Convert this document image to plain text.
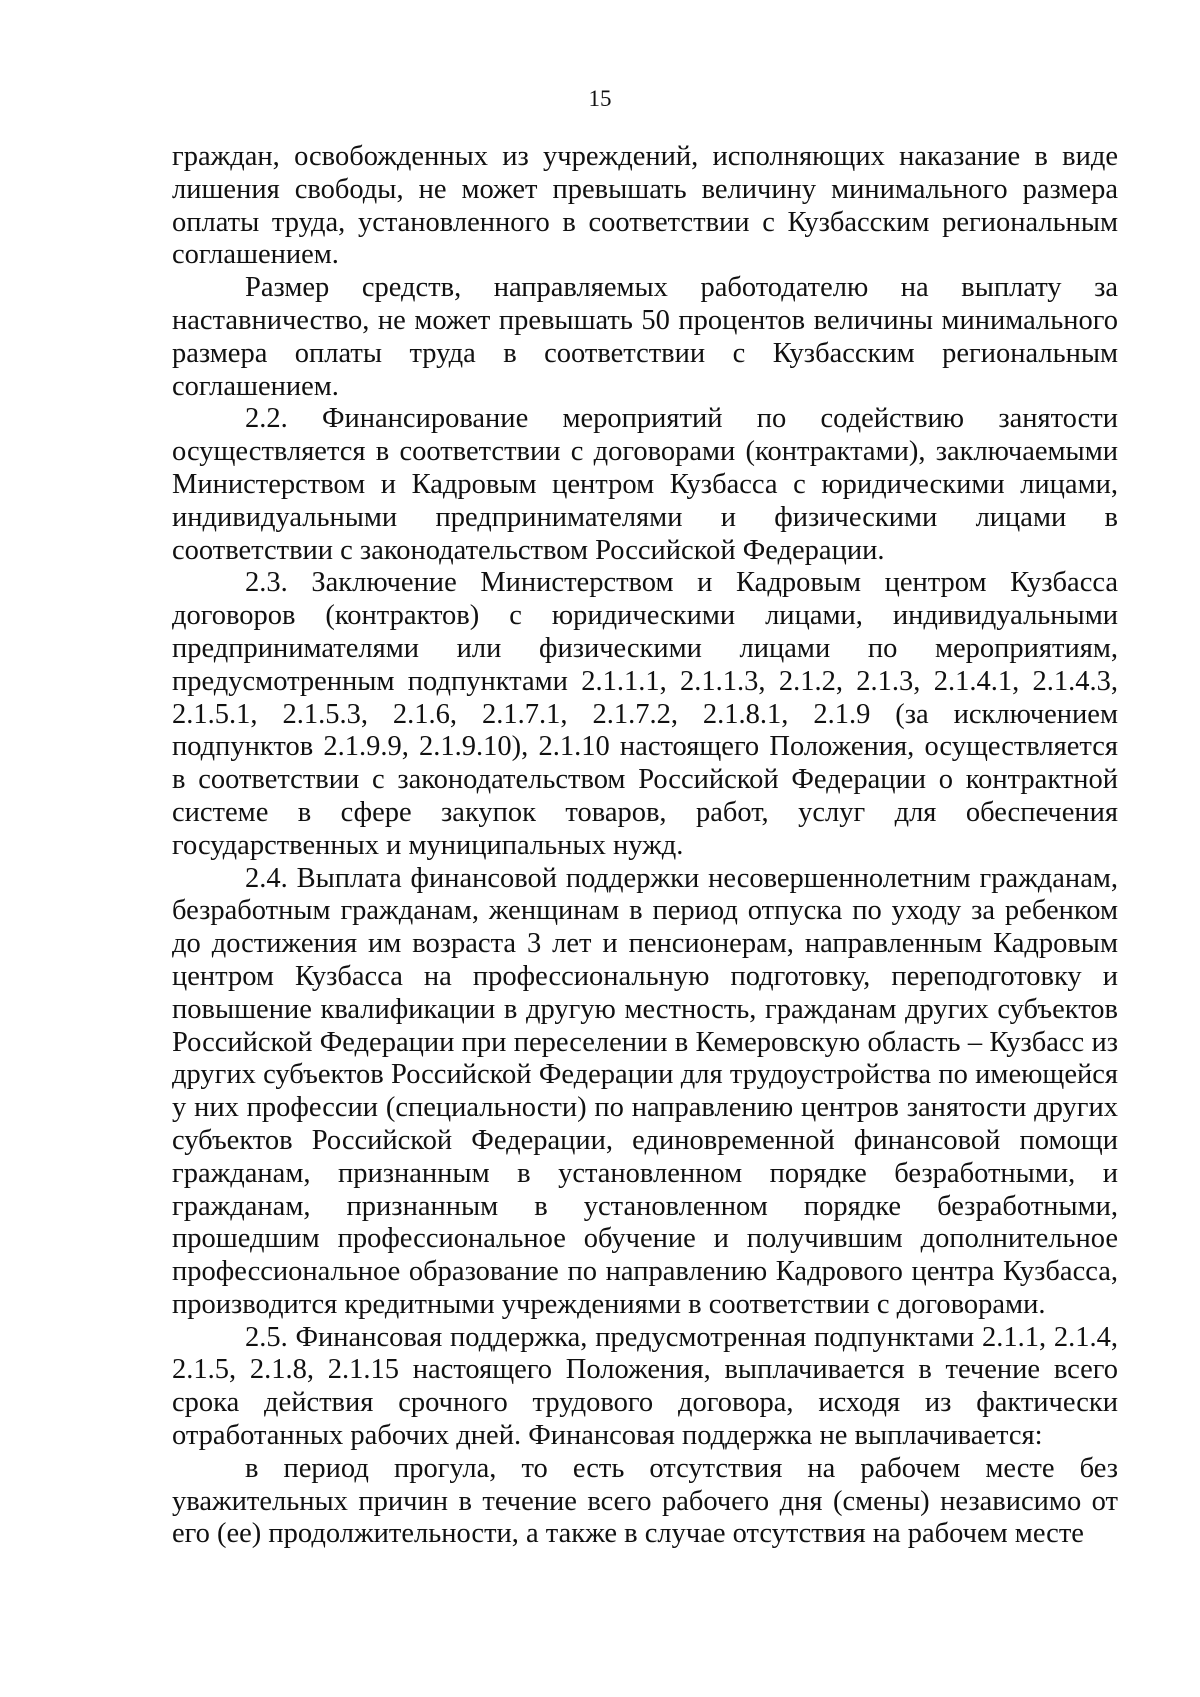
15

граждан, освобожденных из учреждений, исполняющих наказание в виде лишения свободы, не может превышать величину минимального размера оплаты труда, установленного в соответствии с Кузбасским региональным соглашением.

Размер средств, направляемых работодателю на выплату за наставничество, не может превышать 50 процентов величины минимального размера оплаты труда в соответствии с Кузбасским региональным соглашением.

2.2. Финансирование мероприятий по содействию занятости осуществляется в соответствии с договорами (контрактами), заключаемыми Министерством и Кадровым центром Кузбасса с юридическими лицами, индивидуальными предпринимателями и физическими лицами в соответствии с законодательством Российской Федерации.

2.3. Заключение Министерством и Кадровым центром Кузбасса договоров (контрактов) с юридическими лицами, индивидуальными предпринимателями или физическими лицами по мероприятиям, предусмотренным подпунктами 2.1.1.1, 2.1.1.3, 2.1.2, 2.1.3, 2.1.4.1, 2.1.4.3, 2.1.5.1, 2.1.5.3, 2.1.6, 2.1.7.1, 2.1.7.2, 2.1.8.1, 2.1.9 (за исключением подпунктов 2.1.9.9, 2.1.9.10), 2.1.10 настоящего Положения, осуществляется в соответствии с законодательством Российской Федерации о контрактной системе в сфере закупок товаров, работ, услуг для обеспечения государственных и муниципальных нужд.

2.4. Выплата финансовой поддержки несовершеннолетним гражданам, безработным гражданам, женщинам в период отпуска по уходу за ребенком до достижения им возраста 3 лет и пенсионерам, направленным Кадровым центром Кузбасса на профессиональную подготовку, переподготовку и повышение квалификации в другую местность, гражданам других субъектов Российской Федерации при переселении в Кемеровскую область – Кузбасс из других субъектов Российской Федерации для трудоустройства по имеющейся у них профессии (специальности) по направлению центров занятости других субъектов Российской Федерации, единовременной финансовой помощи гражданам, признанным в установленном порядке безработными, и гражданам, признанным в установленном порядке безработными, прошедшим профессиональное обучение и получившим дополнительное профессиональное образование по направлению Кадрового центра Кузбасса, производится кредитными учреждениями в соответствии с договорами.

2.5. Финансовая поддержка, предусмотренная подпунктами 2.1.1, 2.1.4, 2.1.5, 2.1.8, 2.1.15 настоящего Положения, выплачивается в течение всего срока действия срочного трудового договора, исходя из фактически отработанных рабочих дней. Финансовая поддержка не выплачивается:

в период прогула, то есть отсутствия на рабочем месте без уважительных причин в течение всего рабочего дня (смены) независимо от его (ее) продолжительности, а также в случае отсутствия на рабочем месте
